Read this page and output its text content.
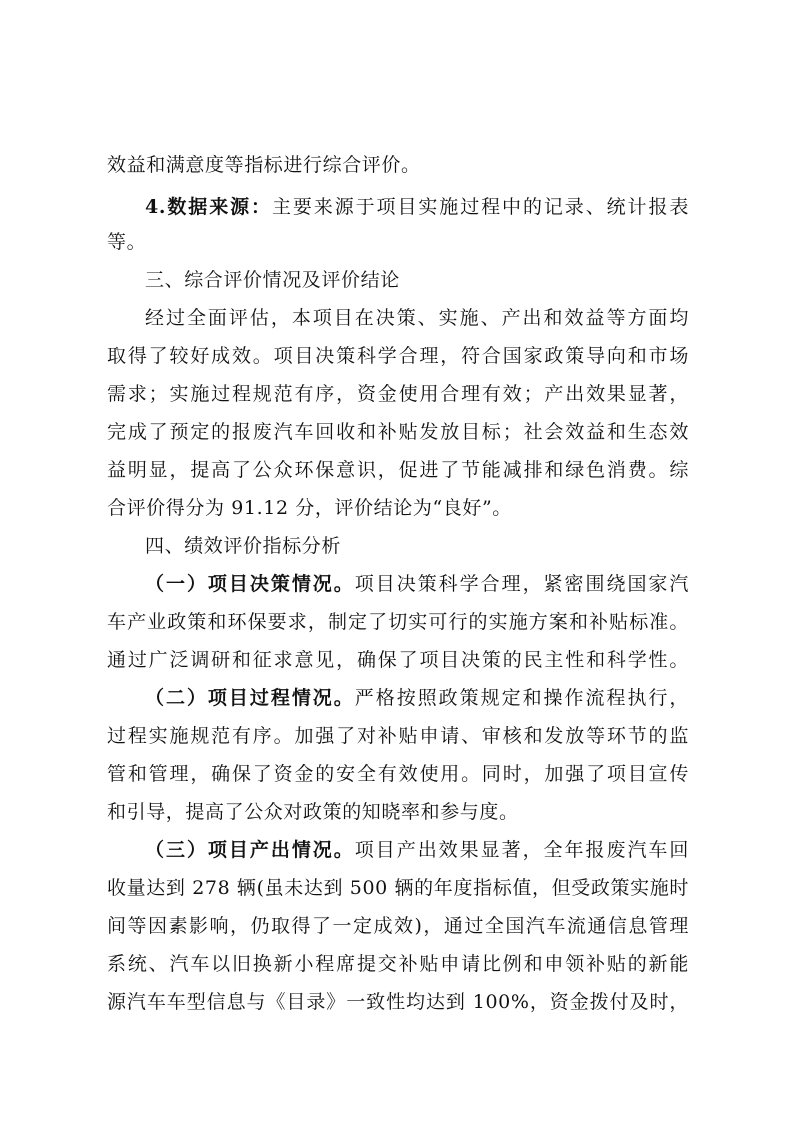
效益和满意度等指标进行综合评价。
4.数据来源：主要来源于项目实施过程中的记录、统计报表
等。
三、综合评价情况及评价结论
经过全面评估，本项目在决策、实施、产出和效益等方面均
取得了较好成效。项目决策科学合理，符合国家政策导向和市场
需求；实施过程规范有序，资金使用合理有效；产出效果显著，
完成了预定的报废汽车回收和补贴发放目标；社会效益和生态效
益明显，提高了公众环保意识，促进了节能减排和绿色消费。综
合评价得分为 91.12 分，评价结论为“良好”。
四、绩效评价指标分析
（一）项目决策情况。项目决策科学合理，紧密围绕国家汽
车产业政策和环保要求，制定了切实可行的实施方案和补贴标准。
通过广泛调研和征求意见，确保了项目决策的民主性和科学性。
（二）项目过程情况。严格按照政策规定和操作流程执行，
过程实施规范有序。加强了对补贴申请、审核和发放等环节的监
管和管理，确保了资金的安全有效使用。同时，加强了项目宣传
和引导，提高了公众对政策的知晓率和参与度。
（三）项目产出情况。项目产出效果显著，全年报废汽车回
收量达到 278 辆(虽未达到 500 辆的年度指标值，但受政策实施时
间等因素影响，仍取得了一定成效)，通过全国汽车流通信息管理
系统、汽车以旧换新小程席提交补贴申请比例和申领补贴的新能
源汽车车型信息与《目录》一致性均达到 100%，资金拨付及时，
